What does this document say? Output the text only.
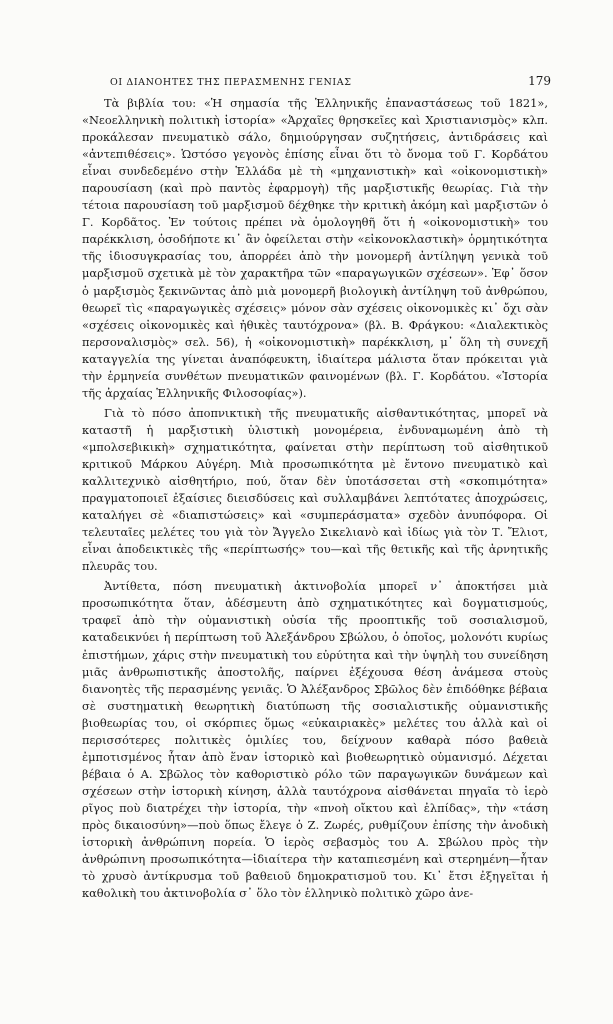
ΟΙ ΔΙΑΝΟΗΤΕΣ ΤΗΣ ΠΕΡΑΣΜΕΝΗΣ ΓΕΝΙΑΣ	179

Τὰ βιβλία του: «Ἡ σημασία τῆς Ἑλληνικῆς ἐπαναστάσεως τοῦ 1821», «Νεοελληνικὴ πολιτικὴ ἱστορία» «Ἀρχαῖες θρησκεῖες καὶ Χριστιανισμὸς» κλπ. προκάλεσαν πνευματικὸ σάλο, δημιούργησαν συζητήσεις, ἀντιδράσεις καὶ «ἀντεπιθέσεις». Ὡστόσο γεγονὸς ἐπίσης εἶναι ὅτι τὸ ὄνομα τοῦ Γ. Κορδάτου εἶναι συνδεδεμένο στὴν Ἑλλάδα μὲ τὴ «μηχανιστικὴ» καὶ «οἰκονομιστικὴ» παρουσίαση (καὶ πρὸ παντὸς ἐφαρμογὴ) τῆς μαρξιστικῆς θεωρίας. Γιὰ τὴν τέτοια παρουσίαση τοῦ μαρξισμοῦ δέχθηκε τὴν κριτικὴ ἀκόμη καὶ μαρξιστῶν ὁ Γ. Κορδᾶτος. Ἐν τούτοις πρέπει νὰ ὁμολογηθῆ ὅτι ἡ «οἰκονομιστικὴ» του παρέκκλιση, ὁσοδήποτε κι᾽ ἂν ὀφείλεται στὴν «εἰκονοκλαστικὴ» ὁρμητικότητα τῆς ἰδιοσυγκρασίας του, ἀπορρέει ἀπὸ τὴν μονομερῆ ἀντίληψη γενικὰ τοῦ μαρξισμοῦ σχετικὰ μὲ τὸν χαρακτῆρα τῶν «παραγωγικῶν σχέσεων». Ἐφ᾽ ὅσον ὁ μαρξισμὸς ξεκινῶντας ἀπὸ μιὰ μονομερῆ βιολογικὴ ἀντίληψη τοῦ ἀνθρώπου, θεωρεῖ τὶς «παραγωγικὲς σχέσεις» μόνον σὰν σχέσεις οἰκονομικὲς κι᾽ ὄχι σὰν «σχέσεις οἰκονομικὲς καὶ ἠθικὲς ταυτόχρονα» (βλ. Β. Φράγκου: «Διαλεκτικὸς περσοναλισμὸς» σελ. 56), ἡ «οἰκονομιστικὴ» παρέκκλιση, μ᾽ ὅλη τὴ συνεχῆ καταγγελία της γίνεται ἀναπόφευκτη, ἰδιαίτερα μάλιστα ὅταν πρόκειται γιὰ τὴν ἑρμηνεία συνθέτων πνευματικῶν φαινομένων (βλ. Γ. Κορδάτου. «Ἱστορία τῆς ἀρχαίας Ἑλληνικῆς Φιλοσοφίας»).

Γιὰ τὸ πόσο ἀποπνικτικὴ τῆς πνευματικῆς αἰσθαντικότητας, μπορεῖ νὰ καταστῆ ἡ μαρξιστικὴ ὑλιστικὴ μονομέρεια, ἐνδυναμωμένη ἀπὸ τὴ «μπολσεβικικὴ» σχηματικότητα, φαίνεται στὴν περίπτωση τοῦ αἰσθητικοῦ κριτικοῦ Μάρκου Αὐγέρη. Μιὰ προσωπικότητα μὲ ἔντονο πνευματικὸ καὶ καλλιτεχνικὸ αἰσθητήριο, πού, ὅταν δὲν ὑποτάσσεται στὴ «σκοπιμότητα» πραγματοποιεῖ ἐξαίσιες διεισδύσεις καὶ συλλαμβάνει λεπτότατες ἀποχρώσεις, καταλήγει σὲ «διαπιστώσεις» καὶ «συμπεράσματα» σχεδὸν ἀνυπόφορα. Οἱ τελευταῖες μελέτες του γιὰ τὸν Ἄγγελο Σικελιανὸ καὶ ἰδίως γιὰ τὸν Τ. Ἔλιοτ, εἶναι ἀποδεικτικὲς τῆς «περίπτωσής» του—καὶ τῆς θετικῆς καὶ τῆς ἀρνητικῆς πλευρᾶς του.

Ἀντίθετα, πόση πνευματικὴ ἀκτινοβολία μπορεῖ ν᾽ ἀποκτήσει μιὰ προσωπικότητα ὅταν, ἀδέσμευτη ἀπὸ σχηματικότητες καὶ δογματισμούς, τραφεῖ ἀπὸ τὴν οὑμανιστικὴ οὐσία τῆς προοπτικῆς τοῦ σοσιαλισμοῦ, καταδεικνύει ἡ περίπτωση τοῦ Ἀλεξάνδρου Σβώλου, ὁ ὁποῖος, μολονότι κυρίως ἐπιστήμων, χάρις στὴν πνευματικὴ του εὐρύτητα καὶ τὴν ὑψηλὴ του συνείδηση μιᾶς ἀνθρωπιστικῆς ἀποστολῆς, παίρνει ἐξέχουσα θέση ἀνάμεσα στοὺς διανοητὲς τῆς περασμένης γενιᾶς. Ὁ Ἀλέξανδρος Σβῶλος δὲν ἐπιδόθηκε βέβαια σὲ συστηματικὴ θεωρητικὴ διατύπωση τῆς σοσιαλιστικῆς οὑμανιστικῆς βιοθεωρίας του, οἱ σκόρπιες ὅμως «εὐκαιριακὲς» μελέτες του ἀλλὰ καὶ οἱ περισσότερες πολιτικὲς ὁμιλίες του, δείχνουν καθαρὰ πόσο βαθειὰ ἐμποτισμένος ἦταν ἀπὸ ἕναν ἱστορικὸ καὶ βιοθεωρητικὸ οὑμανισμό. Δέχεται βέβαια ὁ Α. Σβῶλος τὸν καθοριστικὸ ρόλο τῶν παραγωγικῶν δυνάμεων καὶ σχέσεων στὴν ἱστορικὴ κίνηση, ἀλλὰ ταυτόχρονα αἰσθάνεται πηγαῖα τὸ ἱερὸ ρῖγος ποὺ διατρέχει τὴν ἱστορία, τὴν «πνοὴ οἴκτου καὶ ἐλπίδας», τὴν «τάση πρὸς δικαιοσύνη»—ποὺ ὅπως ἔλεγε ὁ Ζ. Ζωρές, ρυθμίζουν ἐπίσης τὴν ἀνοδικὴ ἱστορικὴ ἀνθρώπινη πορεία. Ὁ ἱερὸς σεβασμὸς του Α. Σβώλου πρὸς τὴν ἀνθρώπινη προσωπικότητα—ἰδιαίτερα τὴν καταπιεσμένη καὶ στερημένη—ἦταν τὸ χρυσὸ ἀντίκρυσμα τοῦ βαθειοῦ δημοκρατισμοῦ του. Κι᾽ ἔτσι ἐξηγεῖται ἡ καθολικὴ του ἀκτινοβολία σ᾽ ὅλο τὸν ἑλληνικὸ πολιτικὸ χῶρο ἀνε-
